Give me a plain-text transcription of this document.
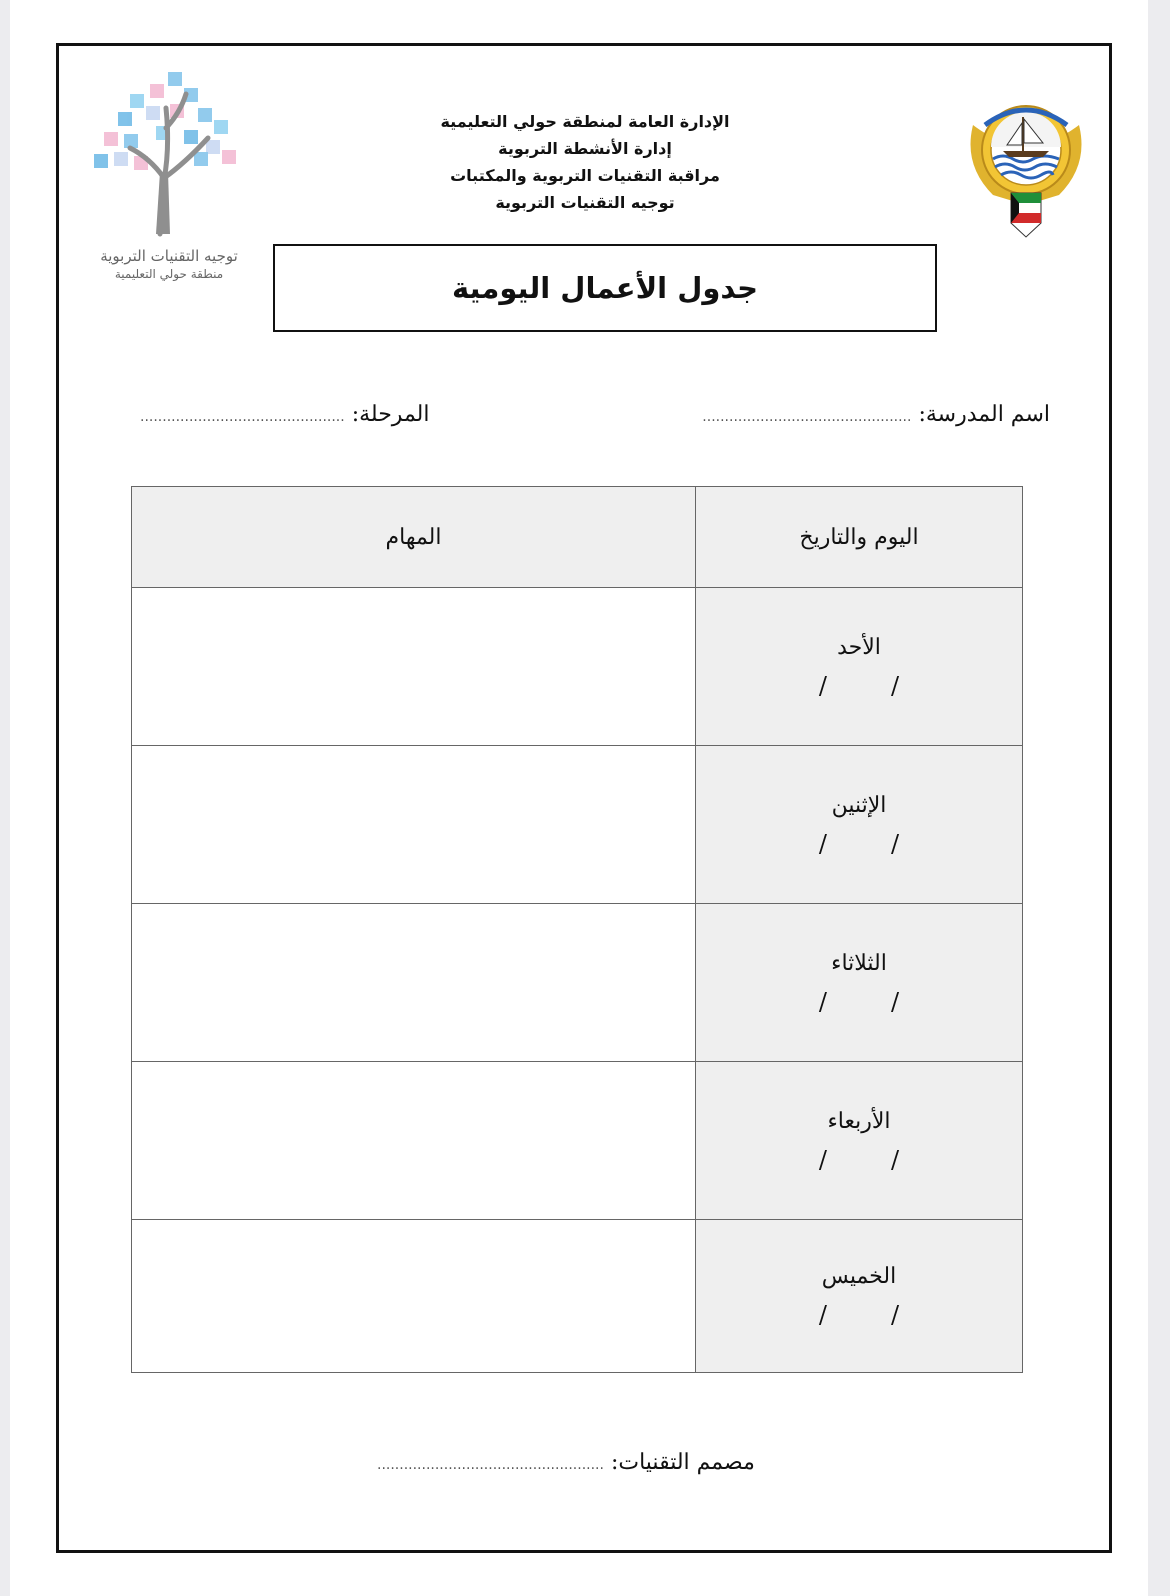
توجيه التقنيات التربوية
منطقة حولي التعليمية
الإدارة العامة لمنطقة حولي التعليمية
إدارة الأنشطة التربوية
مراقبة التقنيات التربوية والمكتبات
توجيه التقنيات التربوية
جدول الأعمال اليومية
اسم المدرسة: ...............................................
المرحلة: ..............................................
اليوم والتاريخ	المهام

الأحد
/ /	

الإثنين
/ /	

الثلاثاء
/ /	

الأربعاء
/ /	

الخميس
/ /	

مصمم التقنيات: ...................................................
